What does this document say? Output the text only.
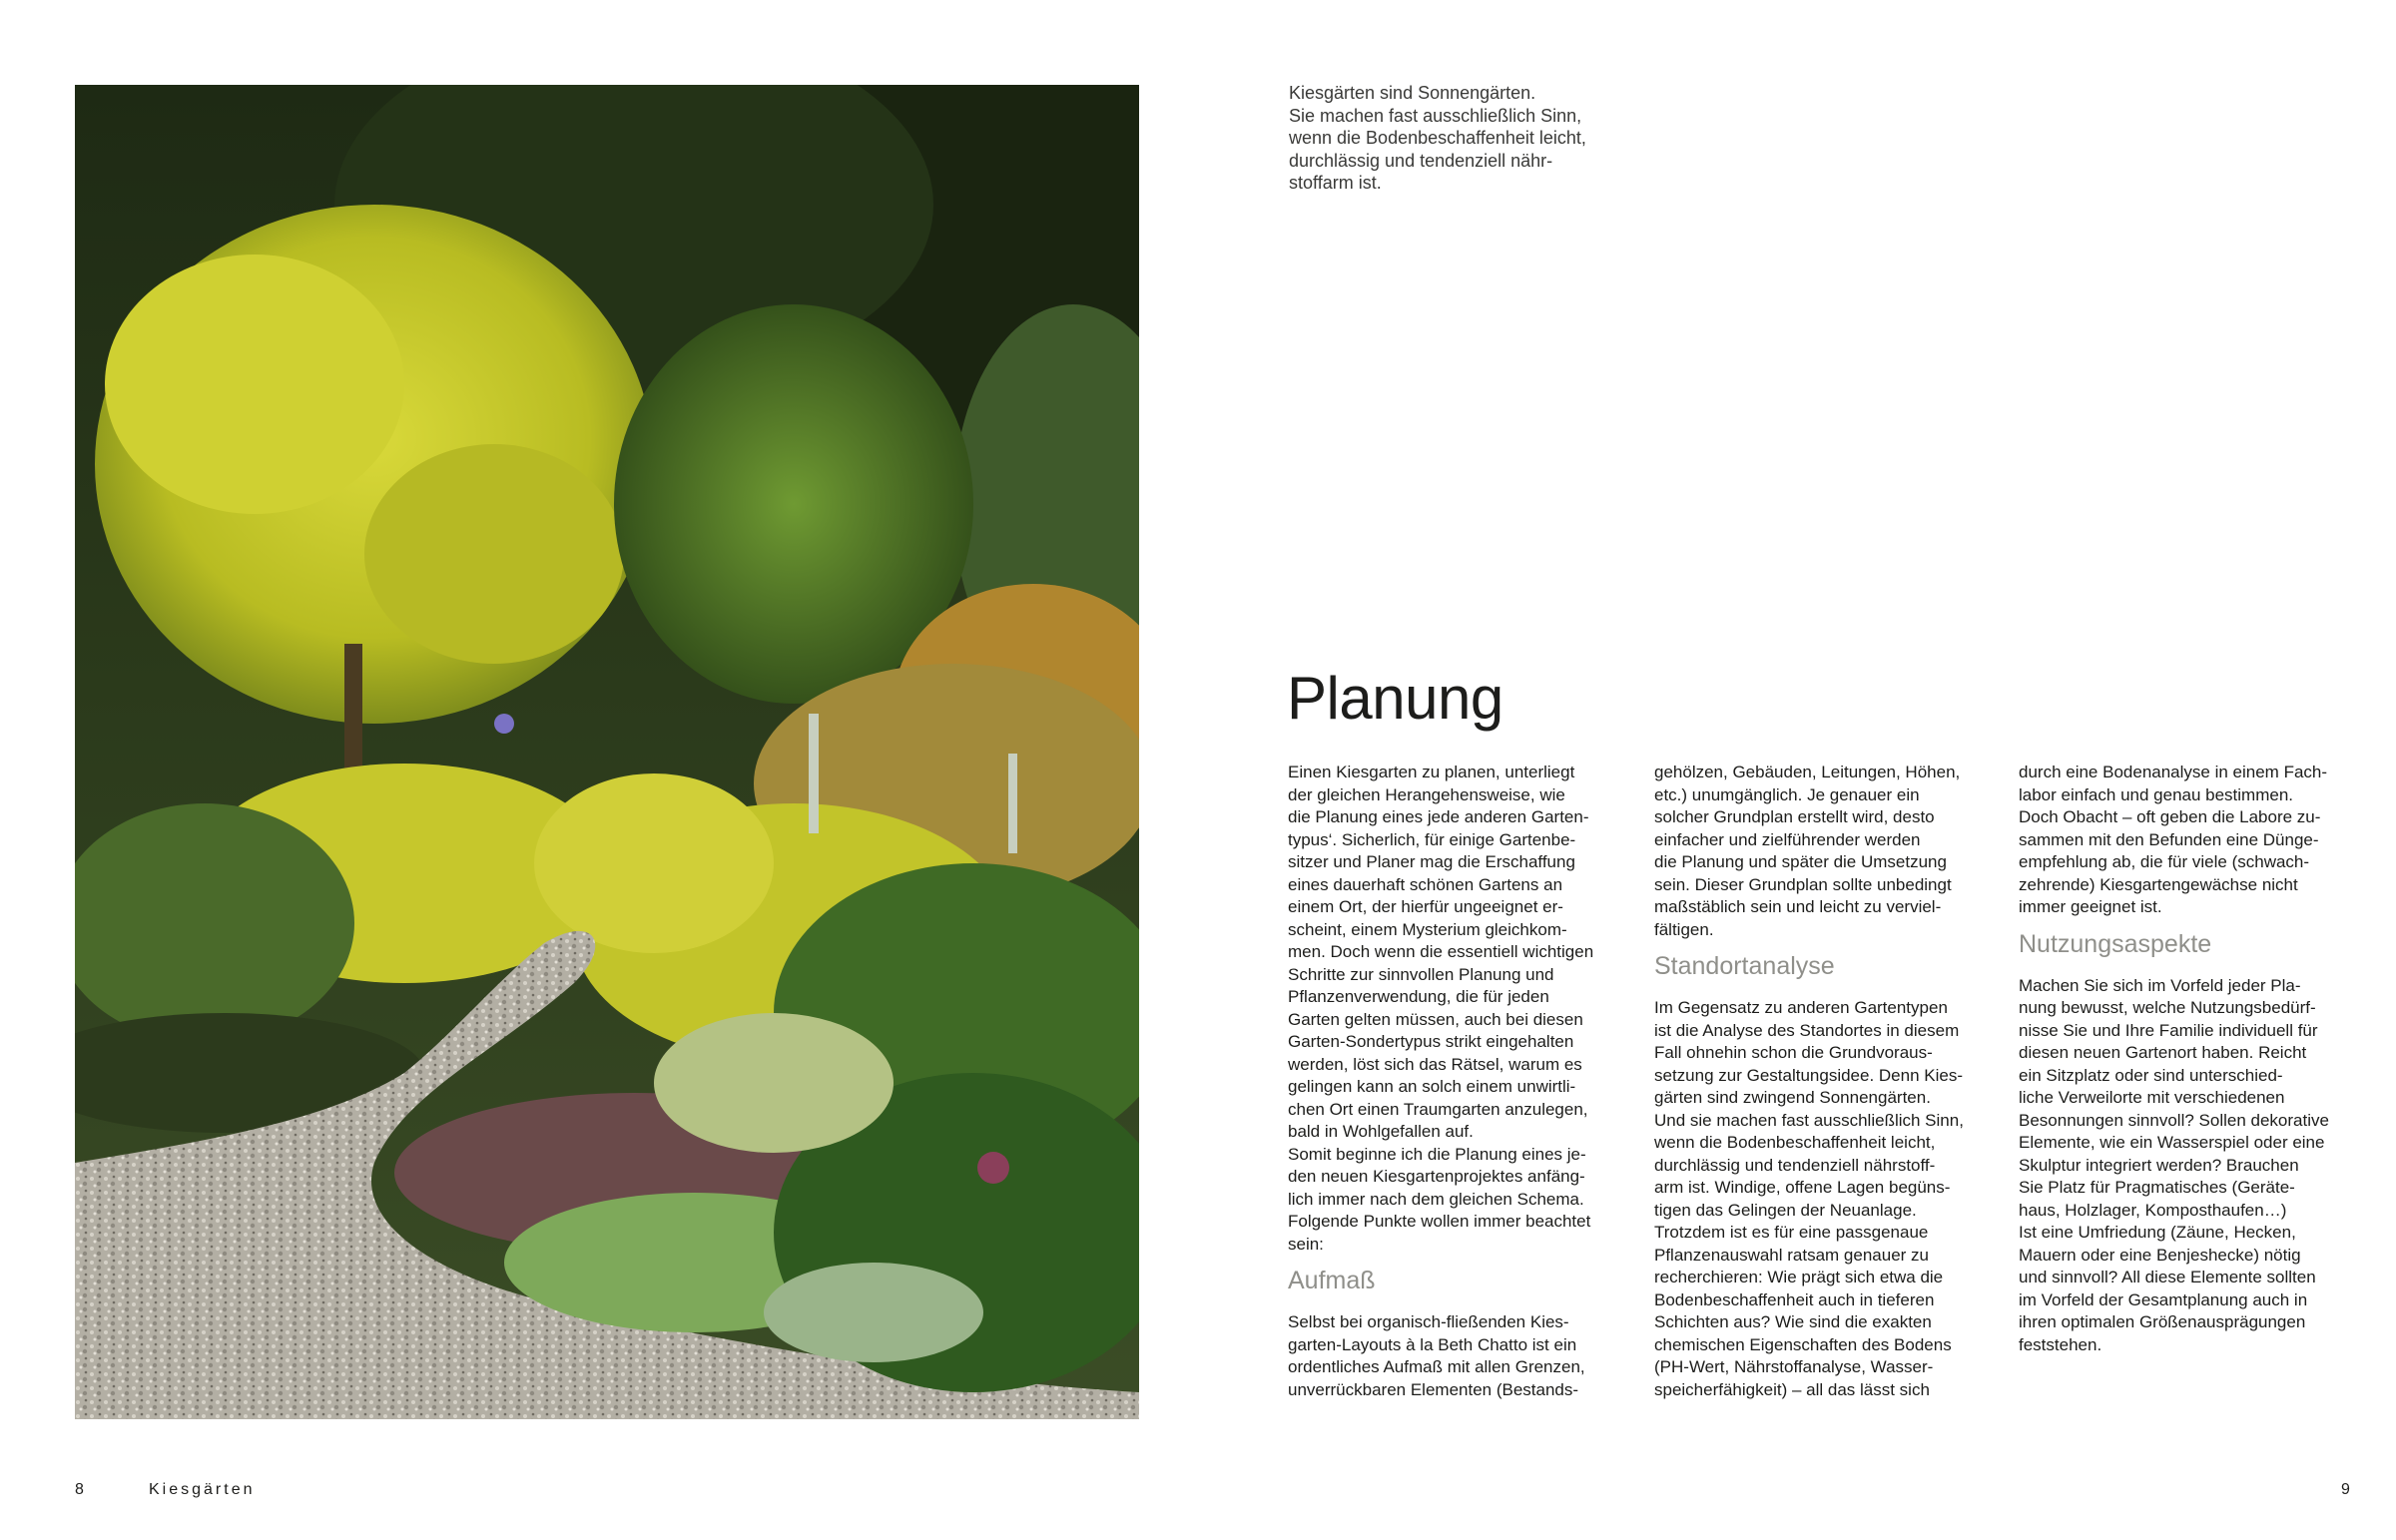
Kiesgärten sind Sonnengärten.
Sie machen fast ausschließlich Sinn,
wenn die Bodenbeschaffenheit leicht,
durchlässig und tendenziell nähr-
stoffarm ist.
Planung
Einen Kiesgarten zu planen, unterliegt
der gleichen Herangehensweise, wie
die Planung eines jede anderen Garten-
typus‘. Sicherlich, für einige Gartenbe-
sitzer und Planer mag die Erschaffung
eines dauerhaft schönen Gartens an
einem Ort, der hierfür ungeeignet er-
scheint, einem Mysterium gleichkom-
men. Doch wenn die essentiell wichtigen
Schritte zur sinnvollen Planung und
Pflanzenverwendung, die für jeden
Garten gelten müssen, auch bei diesen
Garten-Sondertypus strikt eingehalten
werden, löst sich das Rätsel, warum es
gelingen kann an solch einem unwirtli-
chen Ort einen Traumgarten anzulegen,
bald in Wohlgefallen auf.
Somit beginne ich die Planung eines je-
den neuen Kiesgartenprojektes anfäng-
lich immer nach dem gleichen Schema.
Folgende Punkte wollen immer beachtet
sein:
Aufmaß
Selbst bei organisch-fließenden Kies-
garten-Layouts à la Beth Chatto ist ein
ordentliches Aufmaß mit allen Grenzen,
unverrückbaren Elementen (Bestands-
gehölzen, Gebäuden, Leitungen, Höhen,
etc.) unumgänglich. Je genauer ein
solcher Grundplan erstellt wird, desto
einfacher und zielführender werden
die Planung und später die Umsetzung
sein. Dieser Grundplan sollte unbedingt
maßstäblich sein und leicht zu verviel-
fältigen.
Standortanalyse
Im Gegensatz zu anderen Gartentypen
ist die Analyse des Standortes in diesem
Fall ohnehin schon die Grundvoraus-
setzung zur Gestaltungsidee. Denn Kies-
gärten sind zwingend Sonnengärten.
Und sie machen fast ausschließlich Sinn,
wenn die Bodenbeschaffenheit leicht,
durchlässig und tendenziell nährstoff-
arm ist. Windige, offene Lagen begüns-
tigen das Gelingen der Neuanlage.
Trotzdem ist es für eine passgenaue
Pflanzenauswahl ratsam genauer zu
recherchieren: Wie prägt sich etwa die
Bodenbeschaffenheit auch in tieferen
Schichten aus? Wie sind die exakten
chemischen Eigenschaften des Bodens
(PH-Wert, Nährstoffanalyse, Wasser-
speicherfähigkeit) – all das lässt sich
durch eine Bodenanalyse in einem Fach-
labor einfach und genau bestimmen.
Doch Obacht – oft geben die Labore zu-
sammen mit den Befunden eine Dünge-
empfehlung ab, die für viele (schwach-
zehrende) Kiesgartengewächse nicht
immer geeignet ist.
Nutzungsaspekte
Machen Sie sich im Vorfeld jeder Pla-
nung bewusst, welche Nutzungsbedürf-
nisse Sie und Ihre Familie individuell für
diesen neuen Gartenort haben. Reicht
ein Sitzplatz oder sind unterschied-
liche Verweilorte mit verschiedenen
Besonnungen sinnvoll? Sollen dekorative
Elemente, wie ein Wasserspiel oder eine
Skulptur integriert werden? Brauchen
Sie Platz für Pragmatisches (Geräte-
haus, Holzlager, Komposthaufen…)
Ist eine Umfriedung (Zäune, Hecken,
Mauern oder eine Benjeshecke) nötig
und sinnvoll? All diese Elemente sollten
im Vorfeld der Gesamtplanung auch in
ihren optimalen Größenausprägungen
feststehen.
8	Kiesgärten	9
